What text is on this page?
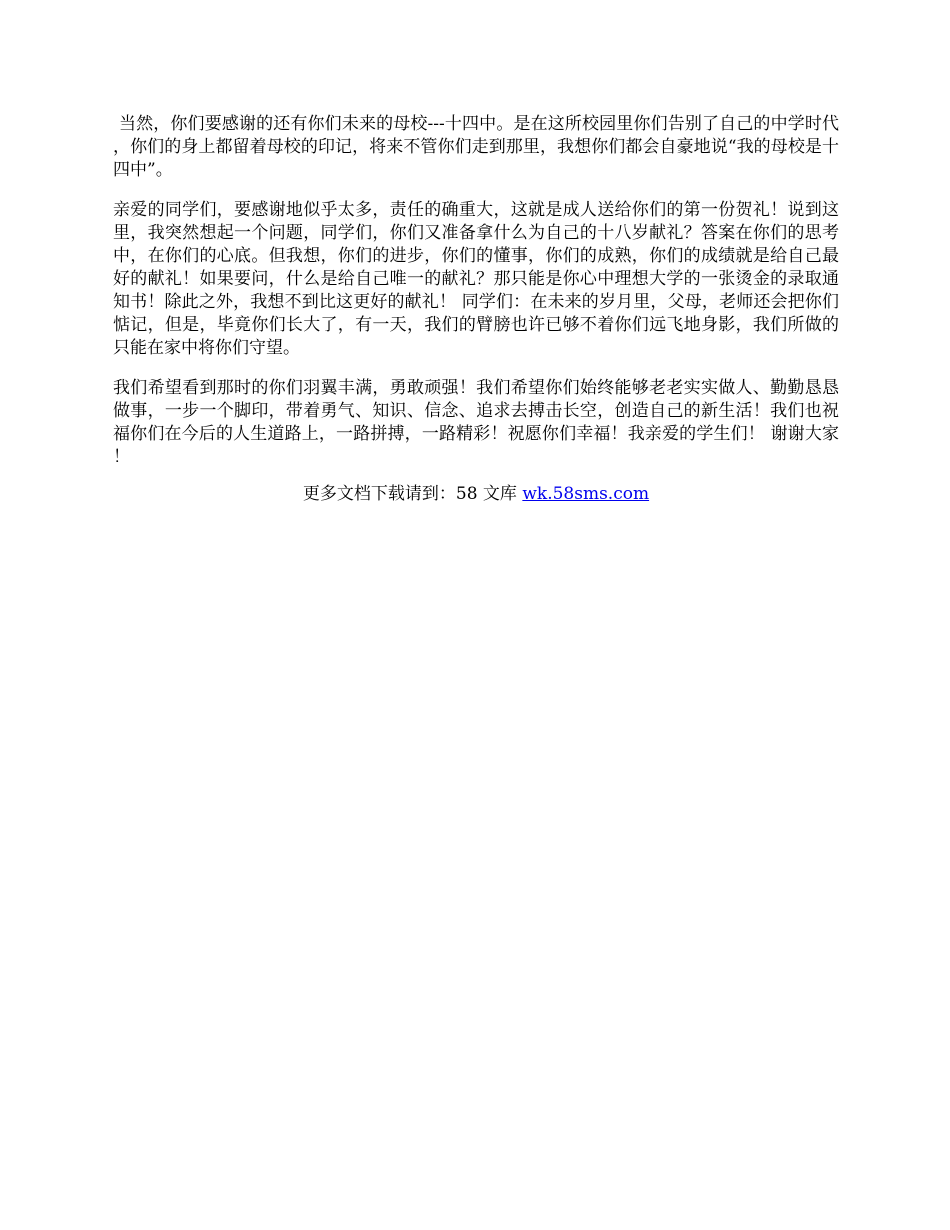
当然，你们要感谢的还有你们未来的母校---十四中。是在这所校园里你们告别了自己的中学时代，你们的身上都留着母校的印记，将来不管你们走到那里，我想你们都会自豪地说“我的母校是十四中”。

亲爱的同学们，要感谢地似乎太多，责任的确重大，这就是成人送给你们的第一份贺礼！说到这里，我突然想起一个问题，同学们，你们又准备拿什么为自己的十八岁献礼？答案在你们的思考中，在你们的心底。但我想，你们的进步，你们的懂事，你们的成熟，你们的成绩就是给自己最好的献礼！如果要问，什么是给自己唯一的献礼？那只能是你心中理想大学的一张烫金的录取通知书！除此之外，我想不到比这更好的献礼！ 同学们：在未来的岁月里，父母，老师还会把你们惦记，但是，毕竟你们长大了，有一天，我们的臂膀也许已够不着你们远飞地身影，我们所做的只能在家中将你们守望。

我们希望看到那时的你们羽翼丰满，勇敢顽强！我们希望你们始终能够老老实实做人、勤勤恳恳做事，一步一个脚印，带着勇气、知识、信念、追求去搏击长空，创造自己的新生活！我们也祝福你们在今后的人生道路上，一路拼搏，一路精彩！祝愿你们幸福！我亲爱的学生们！ 谢谢大家！

更多文档下载请到：58 文库 wk.58sms.com
